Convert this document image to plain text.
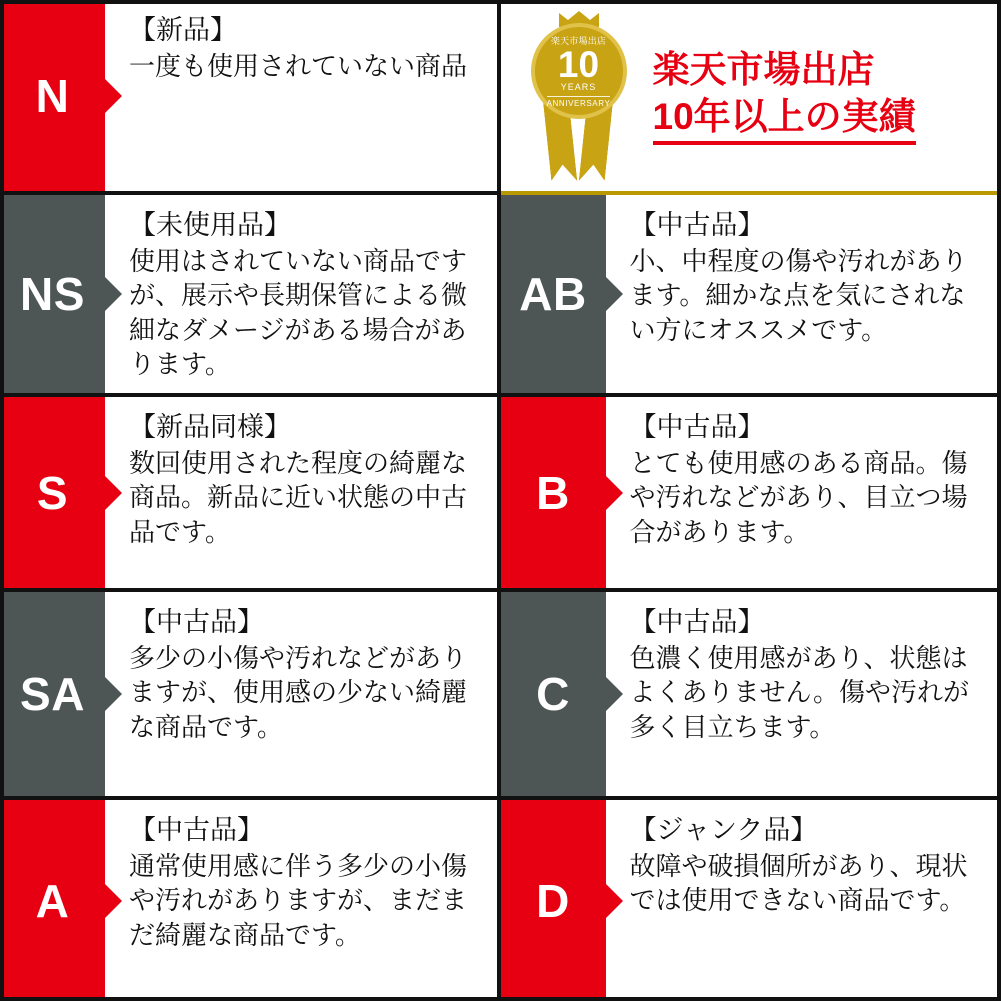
N
【新品】
一度も使用されていない商品
楽天市場出店
10
YEARS
ANNIVERSARY
楽天市場出店
10年以上の実績
NS
【未使用品】
使用はされていない商品ですが、展示や長期保管による微細なダメージがある場合があります。
AB
【中古品】
小、中程度の傷や汚れがあります。細かな点を気にされない方にオススメです。
S
【新品同様】
数回使用された程度の綺麗な商品。新品に近い状態の中古品です。
B
【中古品】
とても使用感のある商品。傷や汚れなどがあり、目立つ場合があります。
SA
【中古品】
多少の小傷や汚れなどがありますが、使用感の少ない綺麗な商品です。
C
【中古品】
色濃く使用感があり、状態はよくありません。傷や汚れが多く目立ちます。
A
【中古品】
通常使用感に伴う多少の小傷や汚れがありますが、まだまだ綺麗な商品です。
D
【ジャンク品】
故障や破損個所があり、現状では使用できない商品です。
